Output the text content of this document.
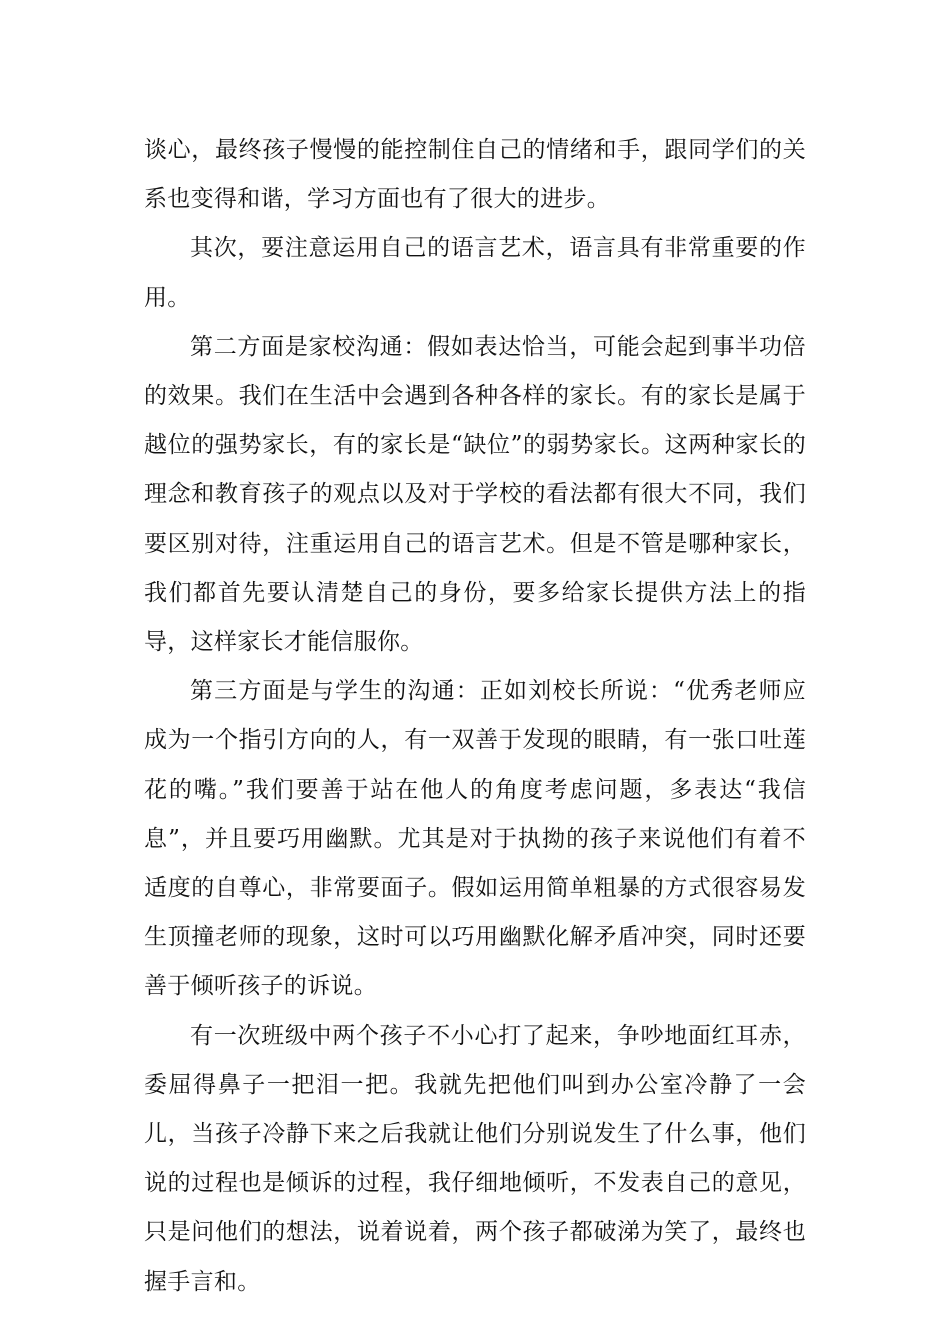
谈心，最终孩子慢慢的能控制住自己的情绪和手，跟同学们的关系也变得和谐，学习方面也有了很大的进步。

其次，要注意运用自己的语言艺术，语言具有非常重要的作用。

第二方面是家校沟通：假如表达恰当，可能会起到事半功倍的效果。我们在生活中会遇到各种各样的家长。有的家长是属于越位的强势家长，有的家长是“缺位”的弱势家长。这两种家长的理念和教育孩子的观点以及对于学校的看法都有很大不同，我们要区别对待，注重运用自己的语言艺术。但是不管是哪种家长，我们都首先要认清楚自己的身份，要多给家长提供方法上的指导，这样家长才能信服你。

第三方面是与学生的沟通：正如刘校长所说：“优秀老师应成为一个指引方向的人，有一双善于发现的眼睛，有一张口吐莲花的嘴。”我们要善于站在他人的角度考虑问题，多表达“我信息”，并且要巧用幽默。尤其是对于执拗的孩子来说他们有着不适度的自尊心，非常要面子。假如运用简单粗暴的方式很容易发生顶撞老师的现象，这时可以巧用幽默化解矛盾冲突，同时还要善于倾听孩子的诉说。

有一次班级中两个孩子不小心打了起来，争吵地面红耳赤，委屈得鼻子一把泪一把。我就先把他们叫到办公室冷静了一会儿，当孩子冷静下来之后我就让他们分别说发生了什么事，他们说的过程也是倾诉的过程，我仔细地倾听，不发表自己的意见，只是问他们的想法，说着说着，两个孩子都破涕为笑了，最终也握手言和。
